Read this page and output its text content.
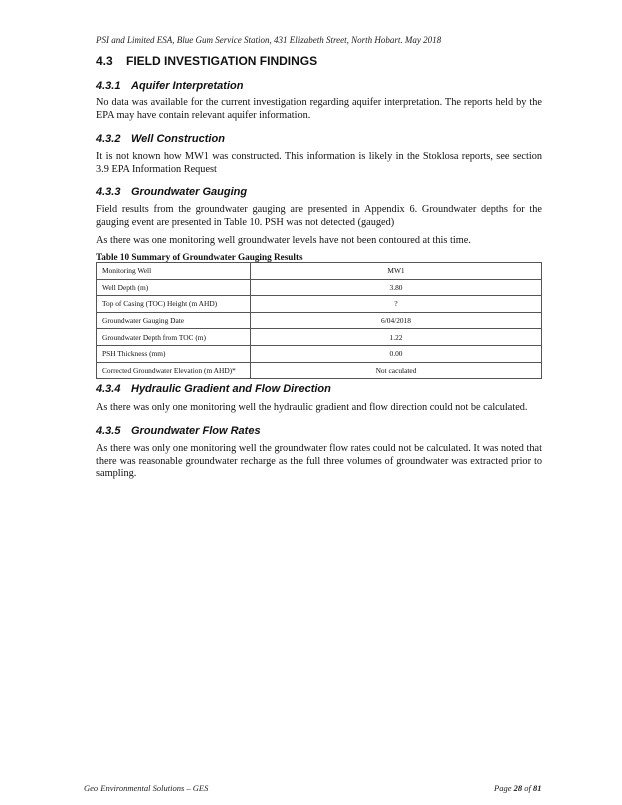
PSI and Limited ESA, Blue Gum Service Station, 431 Elizabeth Street, North Hobart. May 2018
4.3 FIELD INVESTIGATION FINDINGS
4.3.1 Aquifer Interpretation
No data was available for the current investigation regarding aquifer interpretation. The reports held by the EPA may have contain relevant aquifer information.
4.3.2 Well Construction
It is not known how MW1 was constructed. This information is likely in the Stoklosa reports, see section 3.9 EPA Information Request
4.3.3 Groundwater Gauging
Field results from the groundwater gauging are presented in Appendix 6. Groundwater depths for the gauging event are presented in Table 10. PSH was not detected (gauged)
As there was one monitoring well groundwater levels have not been contoured at this time.
Table 10 Summary of Groundwater Gauging Results
Monitoring Well	MW1
Well Depth (m)	3.80
Top of Casing (TOC) Height (m AHD)	?
Groundwater Gauging Date	6/04/2018
Groundwater Depth from TOC (m)	1.22
PSH Thickness (mm)	0.00
Corrected Groundwater Elevation (m AHD)*	Not caculated
4.3.4 Hydraulic Gradient and Flow Direction
As there was only one monitoring well the hydraulic gradient and flow direction could not be calculated.
4.3.5 Groundwater Flow Rates
As there was only one monitoring well the groundwater flow rates could not be calculated. It was noted that there was reasonable groundwater recharge as the full three volumes of groundwater was extracted prior to sampling.
Geo Environmental Solutions – GES	Page 28 of 81
